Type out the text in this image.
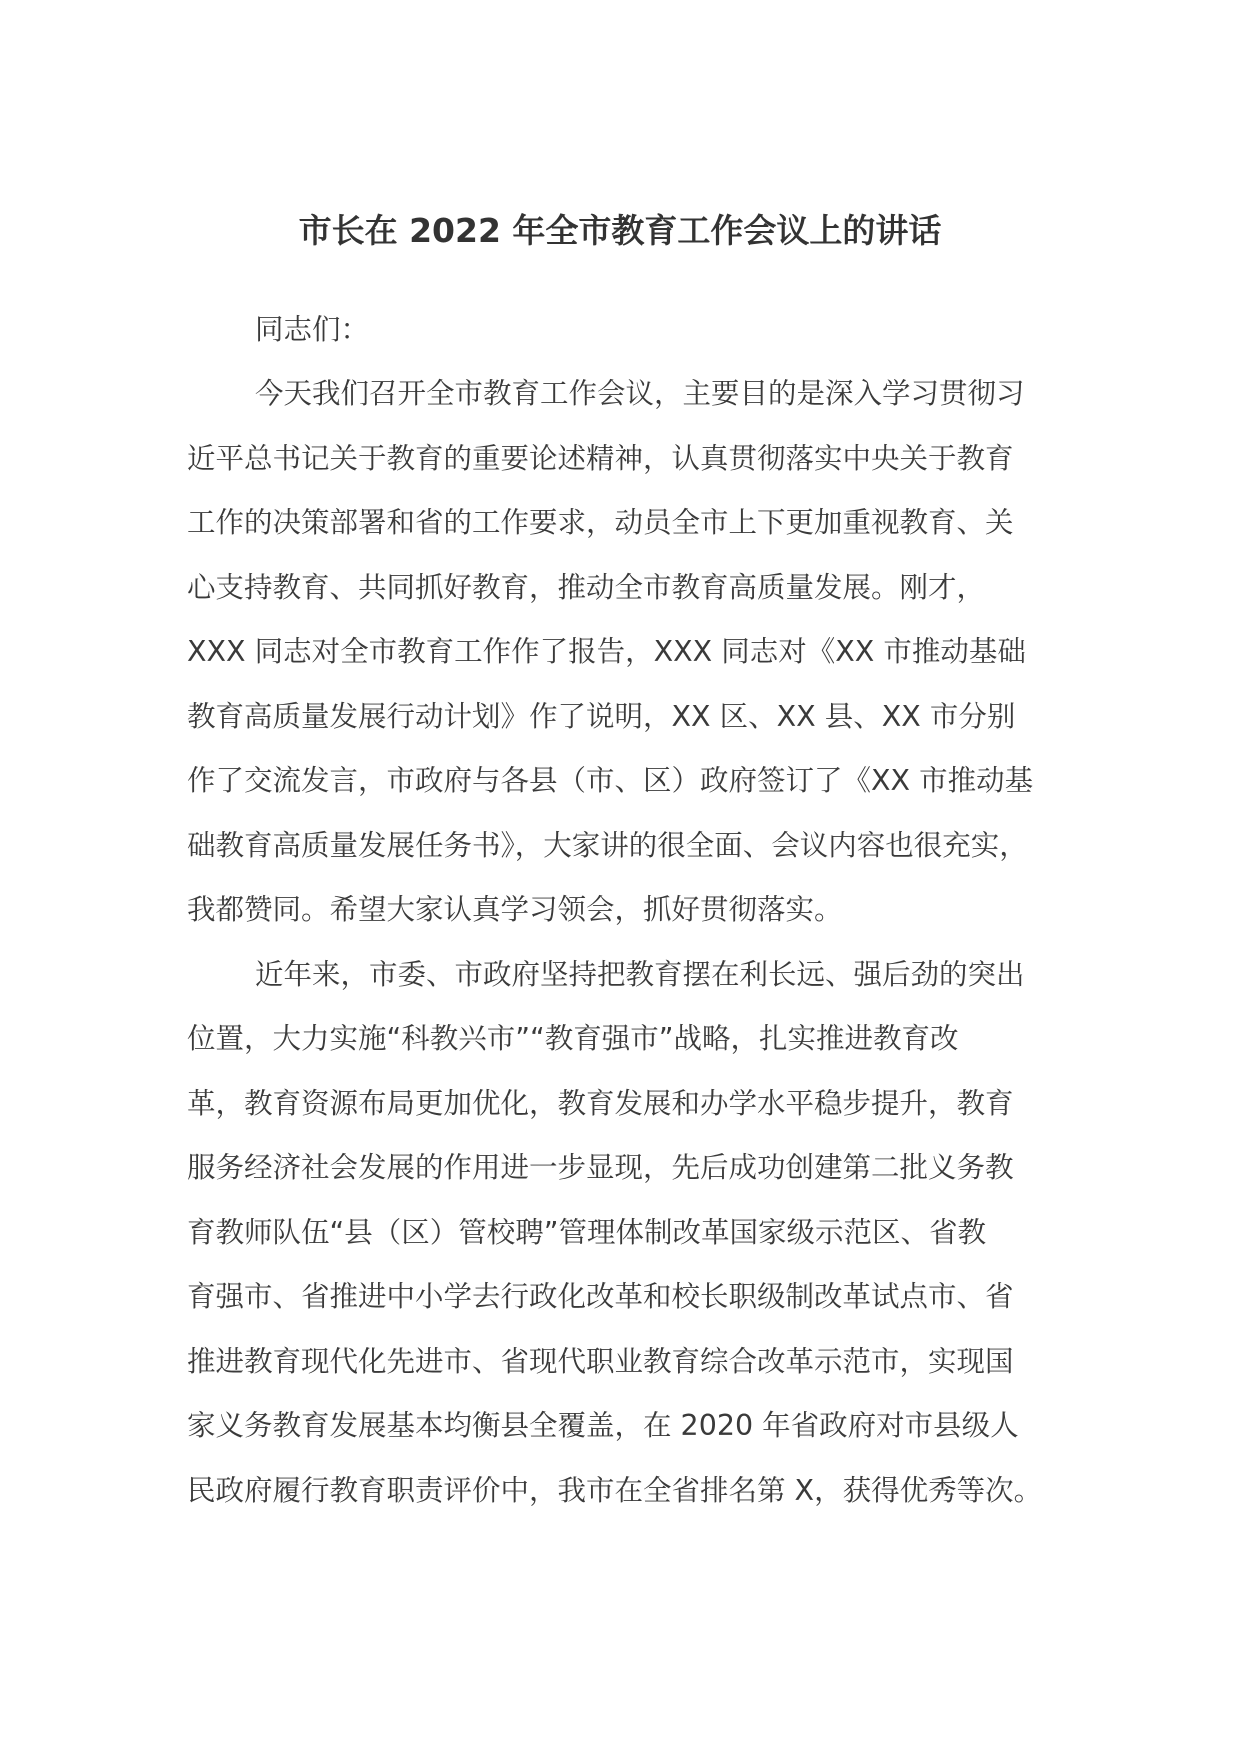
市长在 2022 年全市教育工作会议上的讲话

同志们：

今天我们召开全市教育工作会议，主要目的是深入学习贯彻习

近平总书记关于教育的重要论述精神，认真贯彻落实中央关于教育

工作的决策部署和省的工作要求，动员全市上下更加重视教育、关

心支持教育、共同抓好教育，推动全市教育高质量发展。刚才，

XXX 同志对全市教育工作作了报告，XXX 同志对《XX 市推动基础

教育高质量发展行动计划》作了说明，XX 区、XX 县、XX 市分别

作了交流发言，市政府与各县（市、区）政府签订了《XX 市推动基

础教育高质量发展任务书》，大家讲的很全面、会议内容也很充实，

我都赞同。希望大家认真学习领会，抓好贯彻落实。

近年来，市委、市政府坚持把教育摆在利长远、强后劲的突出

位置，大力实施“科教兴市”“教育强市”战略，扎实推进教育改

革，教育资源布局更加优化，教育发展和办学水平稳步提升，教育

服务经济社会发展的作用进一步显现，先后成功创建第二批义务教

育教师队伍“县（区）管校聘”管理体制改革国家级示范区、省教

育强市、省推进中小学去行政化改革和校长职级制改革试点市、省

推进教育现代化先进市、省现代职业教育综合改革示范市，实现国

家义务教育发展基本均衡县全覆盖，在 2020 年省政府对市县级人

民政府履行教育职责评价中，我市在全省排名第 X，获得优秀等次。
